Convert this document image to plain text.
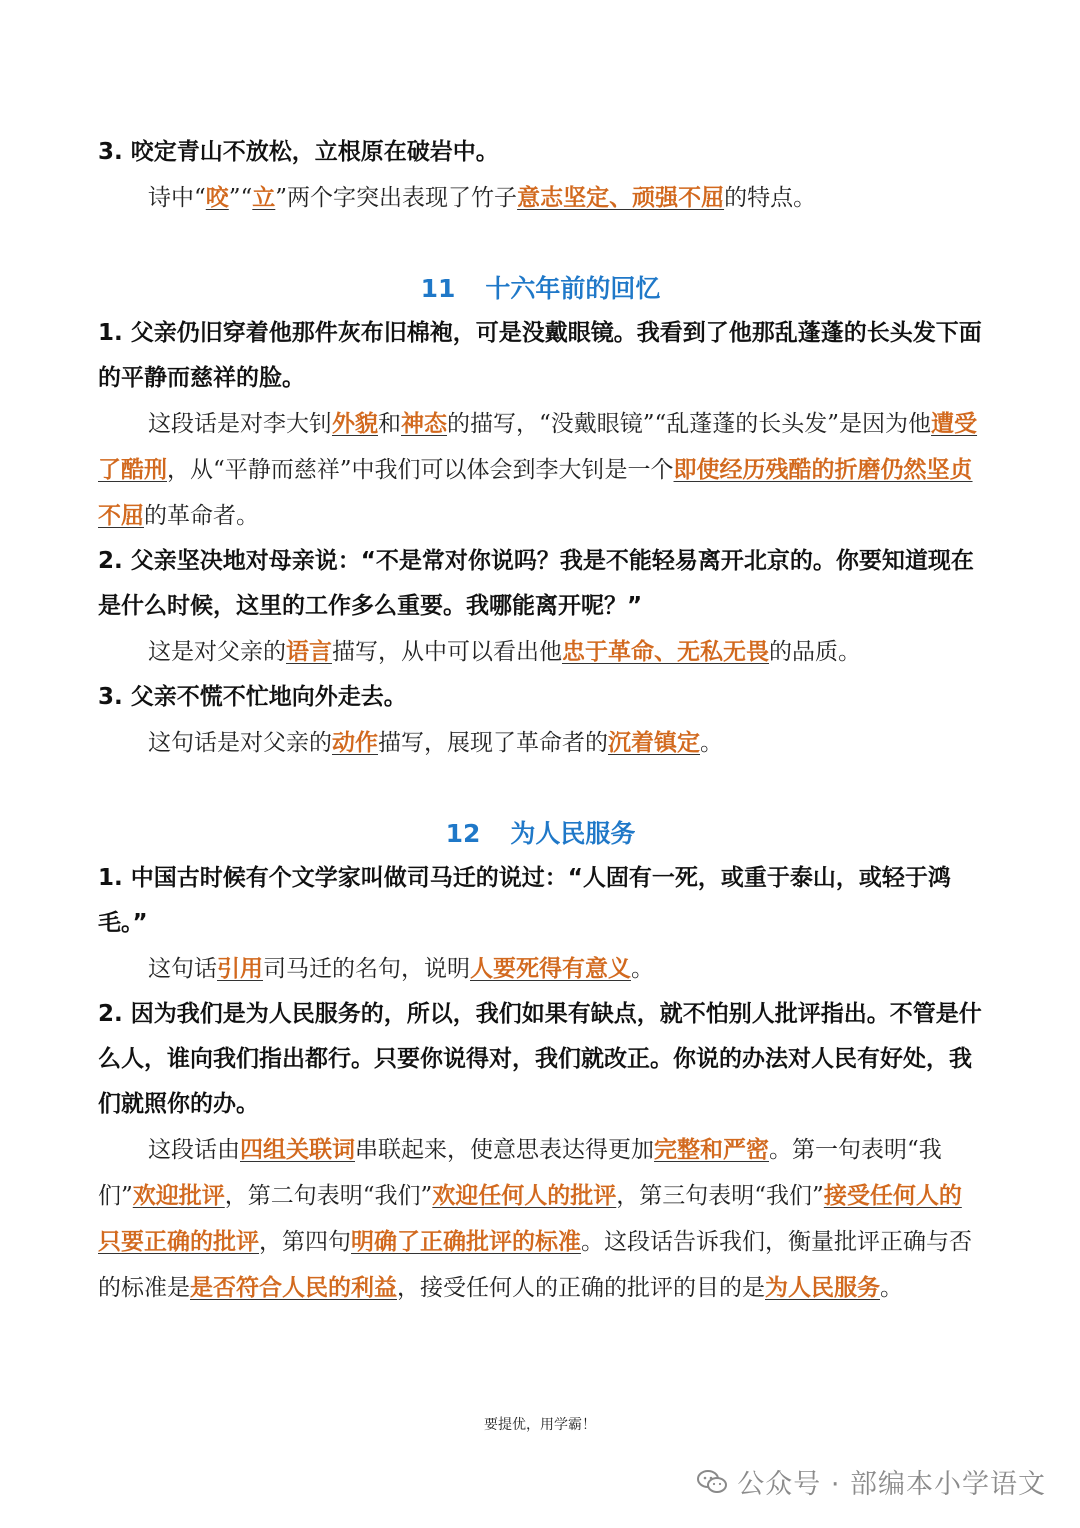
3. 咬定青山不放松，立根原在破岩中。

诗中“咬”“立”两个字突出表现了竹子意志坚定、顽强不屈的特点。

11 十六年前的回忆

1. 父亲仍旧穿着他那件灰布旧棉袍，可是没戴眼镜。我看到了他那乱蓬蓬的长头发下面的平静而慈祥的脸。

这段话是对李大钊外貌和神态的描写，“没戴眼镜”“乱蓬蓬的长头发”是因为他遭受了酷刑，从“平静而慈祥”中我们可以体会到李大钊是一个即使经历残酷的折磨仍然坚贞不屈的革命者。

2. 父亲坚决地对母亲说：“不是常对你说吗？我是不能轻易离开北京的。你要知道现在是什么时候，这里的工作多么重要。我哪能离开呢？”

这是对父亲的语言描写，从中可以看出他忠于革命、无私无畏的品质。

3. 父亲不慌不忙地向外走去。

这句话是对父亲的动作描写，展现了革命者的沉着镇定。

12 为人民服务

1. 中国古时候有个文学家叫做司马迁的说过：“人固有一死，或重于泰山，或轻于鸿毛。”

这句话引用司马迁的名句，说明人要死得有意义。

2. 因为我们是为人民服务的，所以，我们如果有缺点，就不怕别人批评指出。不管是什么人，谁向我们指出都行。只要你说得对，我们就改正。你说的办法对人民有好处，我们就照你的办。

这段话由四组关联词串联起来，使意思表达得更加完整和严密。第一句表明“我们”欢迎批评，第二句表明“我们”欢迎任何人的批评，第三句表明“我们”接受任何人的只要正确的批评，第四句明确了正确批评的标准。这段话告诉我们，衡量批评正确与否的标准是是否符合人民的利益，接受任何人的正确的批评的目的是为人民服务。

要提优，用学霸！
公众号 · 部编本小学语文
